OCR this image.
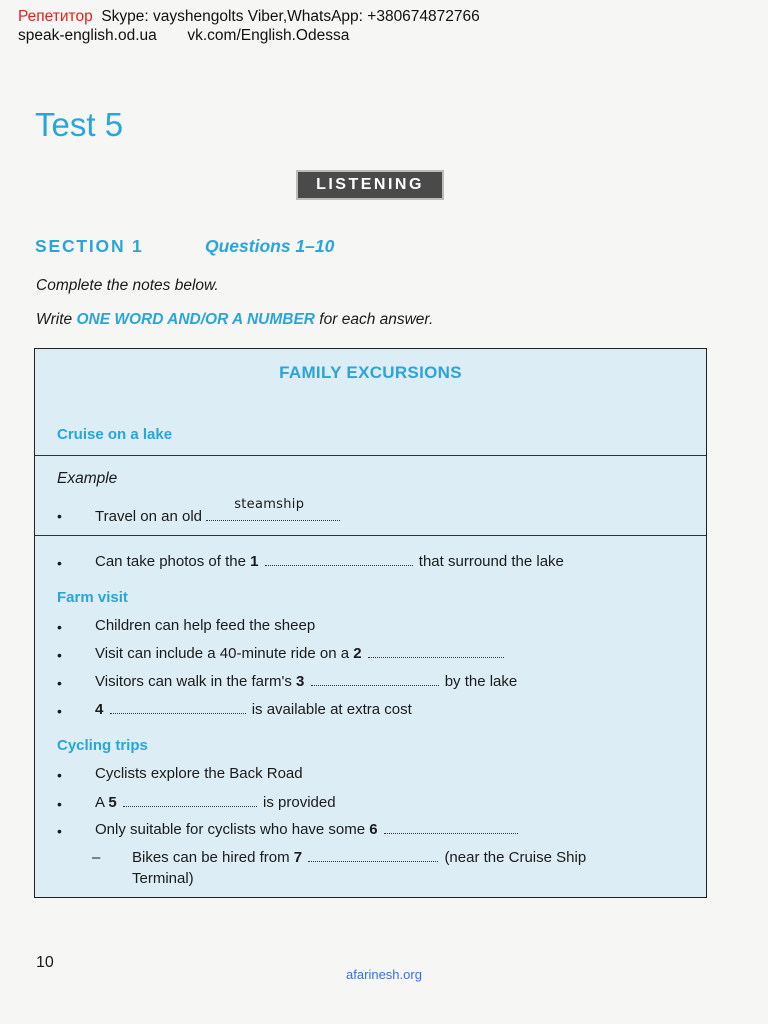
Репетитор Skype: vayshengolts Viber,WhatsApp: +380674872766
speak-english.od.ua vk.com/English.Odessa
Test 5
LISTENING
SECTION 1	Questions 1–10
Complete the notes below.
Write ONE WORD AND/OR A NUMBER for each answer.
FAMILY EXCURSIONS
Cruise on a lake
Example
• Travel on an old
steamship
• Can take photos of the 1	that surround the lake
Farm visit
• Children can help feed the sheep
• Visit can include a 40-minute ride on a 2
• Visitors can walk in the farm's 3	by the lake
• 4	is available at extra cost
Cycling trips
• Cyclists explore the Back Road
• A 5	is provided
• Only suitable for cyclists who have some 6
– Bikes can be hired from 7	(near the Cruise Ship
Terminal)
10
afarinesh.org
